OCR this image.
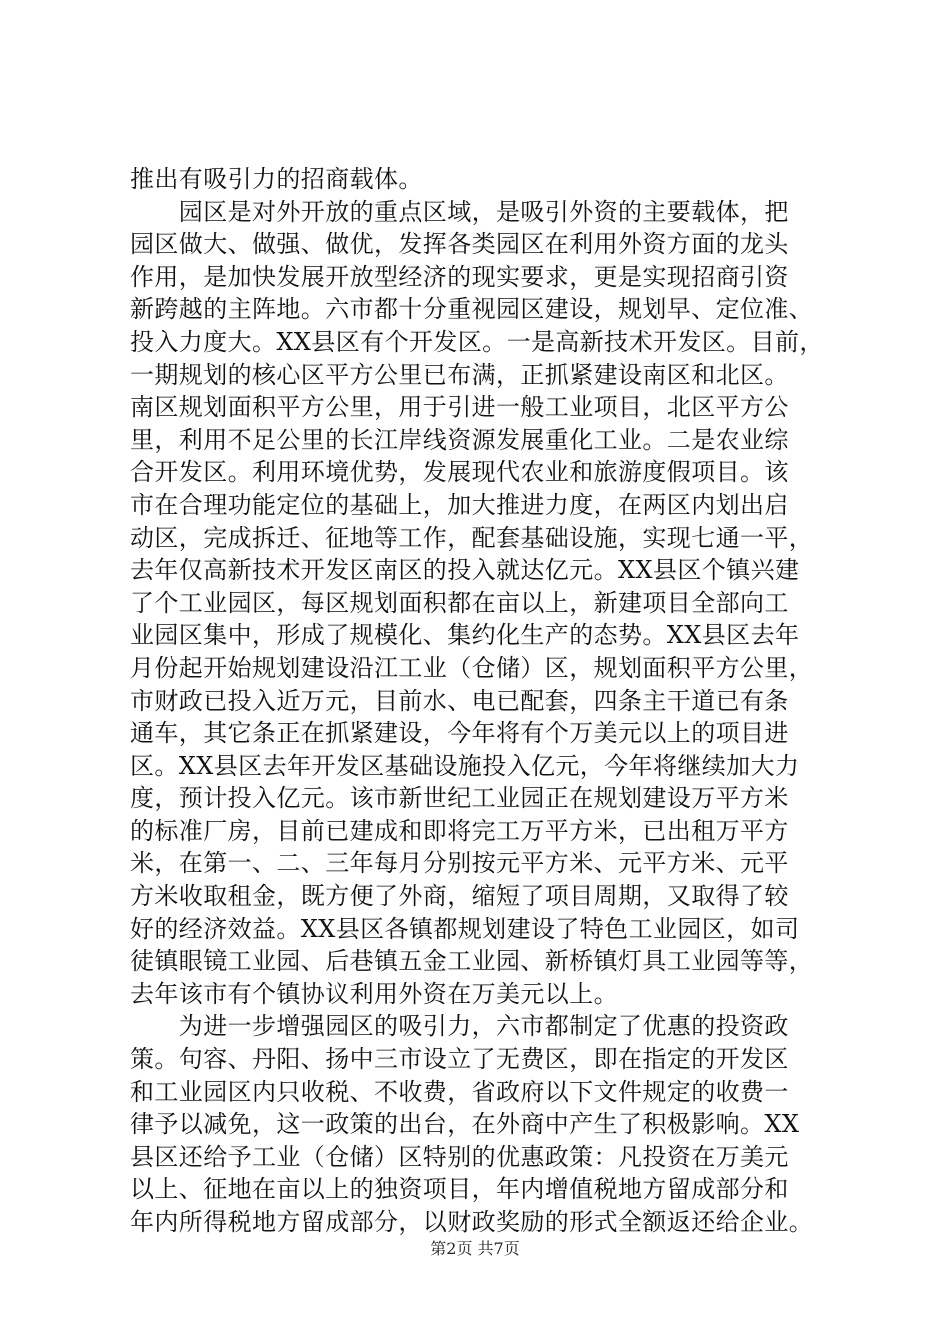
推出有吸引力的招商载体。
　　园区是对外开放的重点区域，是吸引外资的主要载体，把
园区做大、做强、做优，发挥各类园区在利用外资方面的龙头
作用，是加快发展开放型经济的现实要求，更是实现招商引资
新跨越的主阵地。六市都十分重视园区建设，规划早、定位准、
投入力度大。XX县区有个开发区。一是高新技术开发区。目前，
一期规划的核心区平方公里已布满，正抓紧建设南区和北区。
南区规划面积平方公里，用于引进一般工业项目，北区平方公
里，利用不足公里的长江岸线资源发展重化工业。二是农业综
合开发区。利用环境优势，发展现代农业和旅游度假项目。该
市在合理功能定位的基础上，加大推进力度，在两区内划出启
动区，完成拆迁、征地等工作，配套基础设施，实现七通一平，
去年仅高新技术开发区南区的投入就达亿元。XX县区个镇兴建
了个工业园区，每区规划面积都在亩以上，新建项目全部向工
业园区集中，形成了规模化、集约化生产的态势。XX县区去年
月份起开始规划建设沿江工业（仓储）区，规划面积平方公里，
市财政已投入近万元，目前水、电已配套，四条主干道已有条
通车，其它条正在抓紧建设，今年将有个万美元以上的项目进
区。XX县区去年开发区基础设施投入亿元，今年将继续加大力
度，预计投入亿元。该市新世纪工业园正在规划建设万平方米
的标准厂房，目前已建成和即将完工万平方米，已出租万平方
米，在第一、二、三年每月分别按元平方米、元平方米、元平
方米收取租金，既方便了外商，缩短了项目周期，又取得了较
好的经济效益。XX县区各镇都规划建设了特色工业园区，如司
徒镇眼镜工业园、后巷镇五金工业园、新桥镇灯具工业园等等，
去年该市有个镇协议利用外资在万美元以上。
　　为进一步增强园区的吸引力，六市都制定了优惠的投资政
策。句容、丹阳、扬中三市设立了无费区，即在指定的开发区
和工业园区内只收税、不收费，省政府以下文件规定的收费一
律予以减免，这一政策的出台，在外商中产生了积极影响。XX
县区还给予工业（仓储）区特别的优惠政策：凡投资在万美元
以上、征地在亩以上的独资项目，年内增值税地方留成部分和
年内所得税地方留成部分，以财政奖励的形式全额返还给企业。
第2页 共7页
